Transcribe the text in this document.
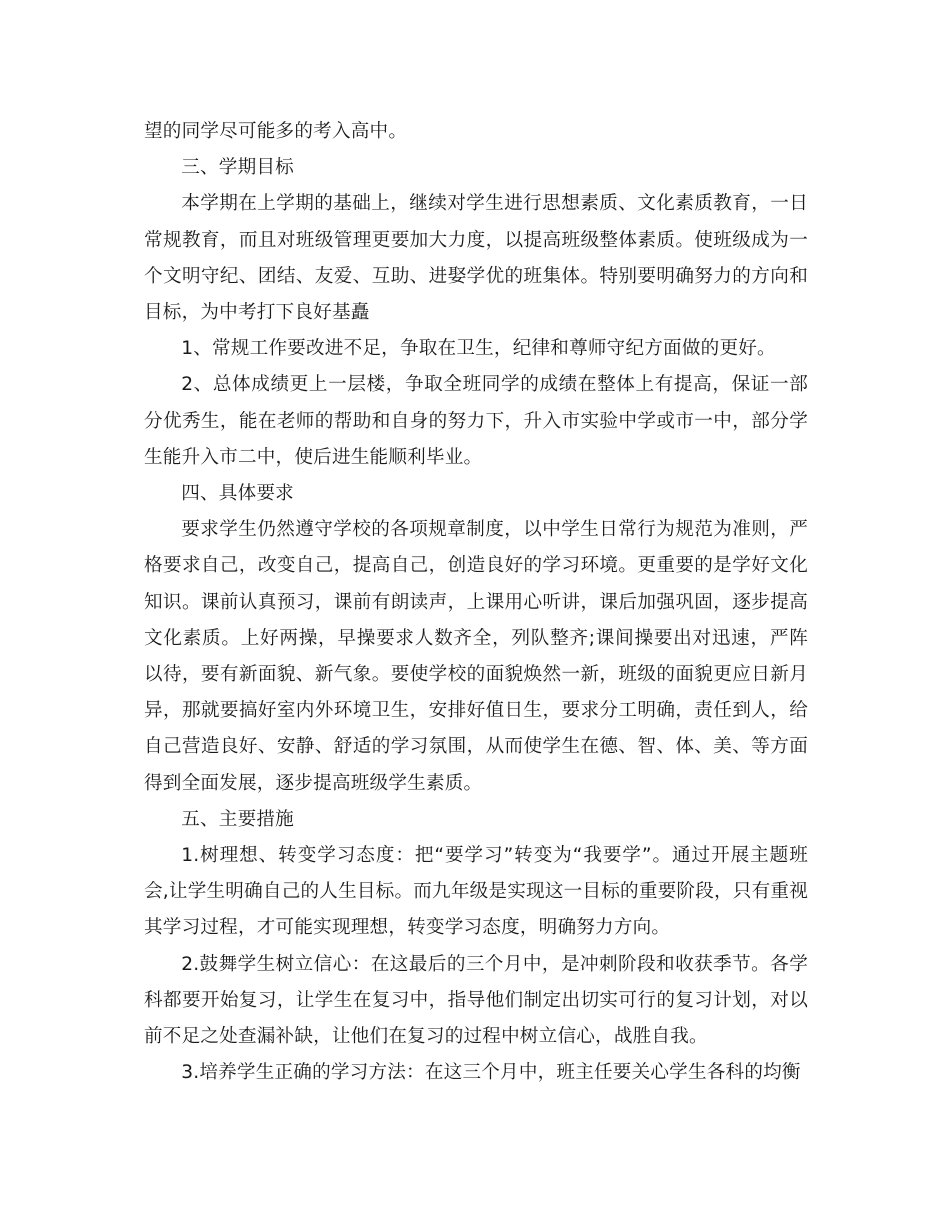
望的同学尽可能多的考入高中。

三、学期目标

本学期在上学期的基础上，继续对学生进行思想素质、文化素质教育，一日常规教育，而且对班级管理更要加大力度，以提高班级整体素质。使班级成为一个文明守纪、团结、友爱、互助、进娶学优的班集体。特别要明确努力的方向和目标，为中考打下良好基矗

1、常规工作要改进不足，争取在卫生，纪律和尊师守纪方面做的更好。

2、总体成绩更上一层楼，争取全班同学的成绩在整体上有提高，保证一部分优秀生，能在老师的帮助和自身的努力下，升入市实验中学或市一中，部分学生能升入市二中，使后进生能顺利毕业。

四、具体要求

要求学生仍然遵守学校的各项规章制度，以中学生日常行为规范为准则，严格要求自己，改变自己，提高自己，创造良好的学习环境。更重要的是学好文化知识。课前认真预习，课前有朗读声，上课用心听讲，课后加强巩固，逐步提高文化素质。上好两操，早操要求人数齐全，列队整齐;课间操要出对迅速，严阵以待，要有新面貌、新气象。要使学校的面貌焕然一新，班级的面貌更应日新月异，那就要搞好室内外环境卫生，安排好值日生，要求分工明确，责任到人，给自己营造良好、安静、舒适的学习氛围，从而使学生在德、智、体、美、等方面得到全面发展，逐步提高班级学生素质。

五、主要措施

1.树理想、转变学习态度：把“要学习”转变为“我要学”。通过开展主题班会,让学生明确自己的人生目标。而九年级是实现这一目标的重要阶段，只有重视其学习过程，才可能实现理想，转变学习态度，明确努力方向。

2.鼓舞学生树立信心：在这最后的三个月中，是冲刺阶段和收获季节。各学科都要开始复习，让学生在复习中，指导他们制定出切实可行的复习计划，对以前不足之处查漏补缺，让他们在复习的过程中树立信心，战胜自我。

3.培养学生正确的学习方法：在这三个月中，班主任要关心学生各科的均衡
